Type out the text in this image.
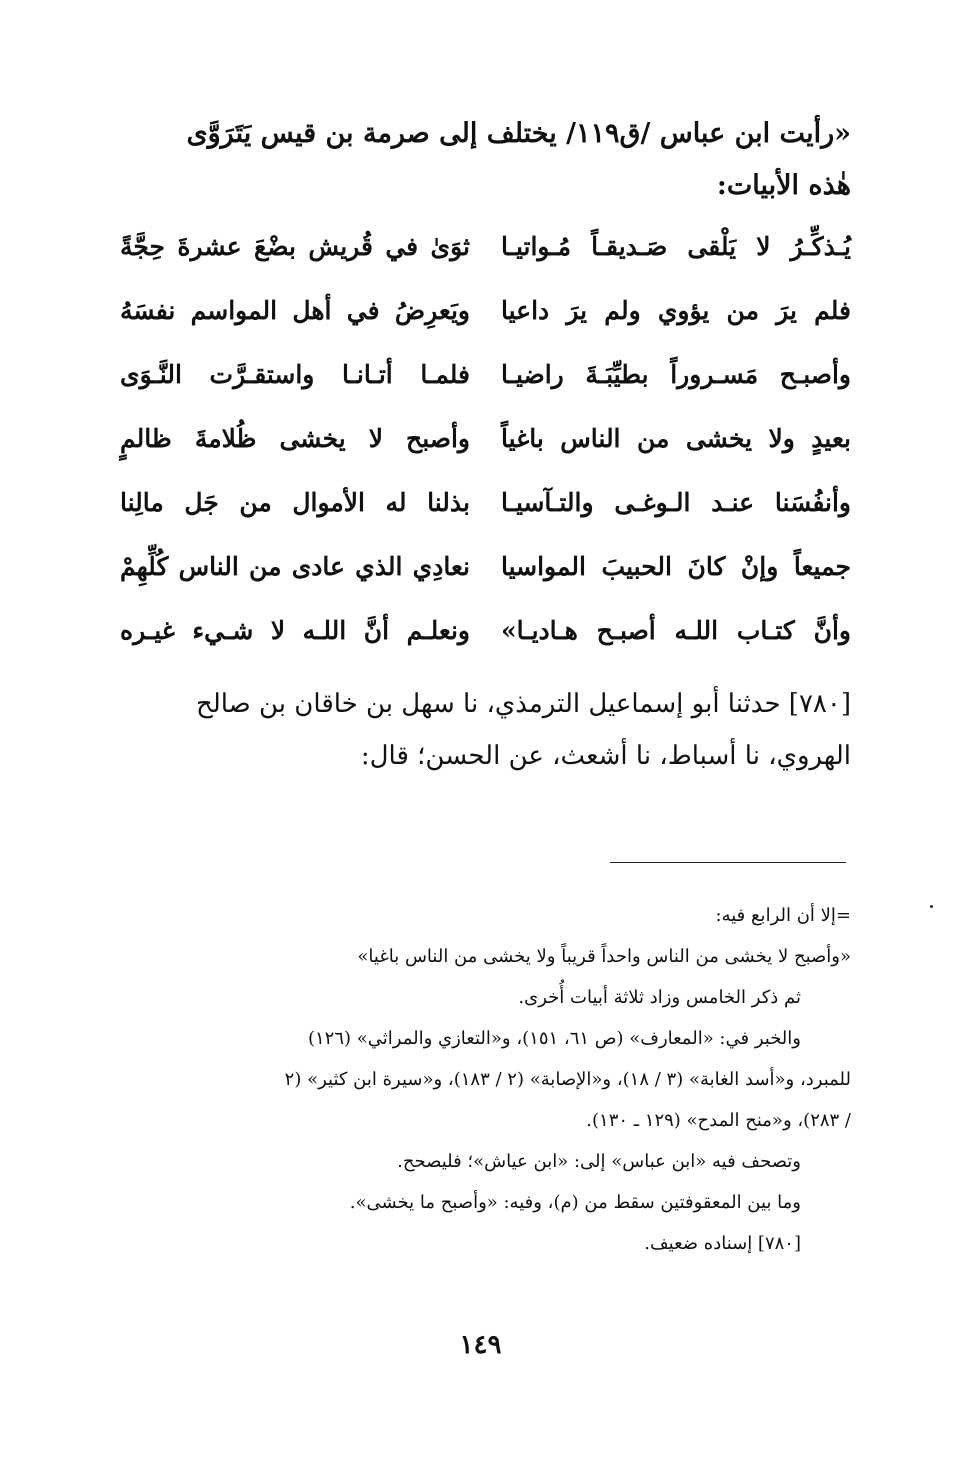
«رأيت ابن عباس /ق١١٩/ يختلف إلى صرمة بن قيس يَتَرَوَّى
هٰذه الأبيات:
ثوَىٰ في قُريش بضْعَ عشرةَ حِجَّةً يُـذكِّـرُ لا يَلْقى صَـديقـاً مُـواتيـا
ويَعرِضُ في أهل المواسم نفسَهُ فلم يرَ من يؤوي ولم يرَ داعيا
فلمـا أتـانـا واستقـرَّت النَّـوَى وأصبـح مَسـروراً بطيِّبَـةَ راضيـا
وأصبح لا يخشى ظُلامةَ ظالمٍ بعيدٍ ولا يخشى من الناس باغياً
بذلنا له الأموال من جَل مالِنا وأنفُسَنا عنـد الـوغـى والتـآسيـا
نعادِي الذي عادى من الناس كُلِّهِمْ جميعاً وإنْ كانَ الحبيبَ المواسيا
ونعلـم أنَّ اللـه لا شـيء غيـره وأنَّ كتـاب اللـه أصبـح هـاديـا»
[٧٨٠] حدثنا أبو إسماعيل الترمذي، نا سهل بن خاقان بن صالح
الهروي، نا أسباط، نا أشعث، عن الحسن؛ قال:
=إلا أن الرابع فيه:
«وأصبح لا يخشى من الناس واحداً قريباً ولا يخشى من الناس باغيا»
ثم ذكر الخامس وزاد ثلاثة أبيات أُخرى.
والخبر في: «المعارف» (ص ٦١، ١٥١)، و«التعازي والمراثي» (١٢٦)
للمبرد، و«أسد الغابة» (٣ / ١٨)، و«الإصابة» (٢ / ١٨٣)، و«سيرة ابن كثير» (٢
/ ٢٨٣)، و«منح المدح» (١٢٩ ـ ١٣٠).
وتصحف فيه «ابن عباس» إلى: «ابن عياش»؛ فليصحح.
وما بين المعقوفتين سقط من (م)، وفيه: «وأصبح ما يخشى».
[٧٨٠] إسناده ضعيف.
١٤٩
